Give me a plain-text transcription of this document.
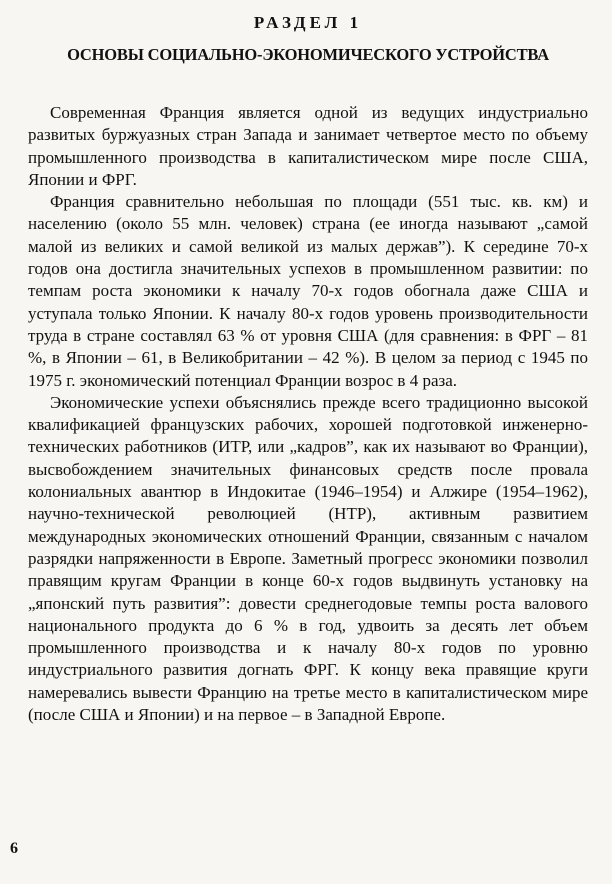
РАЗДЕЛ 1
ОСНОВЫ СОЦИАЛЬНО-ЭКОНОМИЧЕСКОГО УСТРОЙСТВА

Современная Франция является одной из ведущих индустриально развитых буржуазных стран Запада и занимает четвертое место по объему промышленного производства в капиталистическом мире после США, Японии и ФРГ.

Франция сравнительно небольшая по площади (551 тыс. кв. км) и населению (около 55 млн. человек) страна (ее иногда называют „самой малой из великих и самой великой из малых держав”). К середине 70-х годов она достигла значительных успехов в промышленном развитии: по темпам роста экономики к началу 70-х годов обогнала даже США и уступала только Японии. К началу 80-х годов уровень производительности труда в стране составлял 63 % от уровня США (для сравнения: в ФРГ – 81 %, в Японии – 61, в Великобритании – 42 %). В целом за период с 1945 по 1975 г. экономический потенциал Франции возрос в 4 раза.

Экономические успехи объяснялись прежде всего традиционно высокой квалификацией французских рабочих, хорошей подготовкой инженерно-технических работников (ИТР, или „кадров”, как их называют во Франции), высвобождением значительных финансовых средств после провала колониальных авантюр в Индокитае (1946–1954) и Алжире (1954–1962), научно-технической революцией (НТР), активным развитием международных экономических отношений Франции, связанным с началом разрядки напряженности в Европе. Заметный прогресс экономики позволил правящим кругам Франции в конце 60-х годов выдвинуть установку на „японский путь развития”: довести среднегодовые темпы роста валового национального продукта до 6 % в год, удвоить за десять лет объем промышленного производства и к началу 80-х годов по уровню индустриального развития догнать ФРГ. К концу века правящие круги намеревались вывести Францию на третье место в капиталистическом мире (после США и Японии) и на первое – в Западной Европе.

6
